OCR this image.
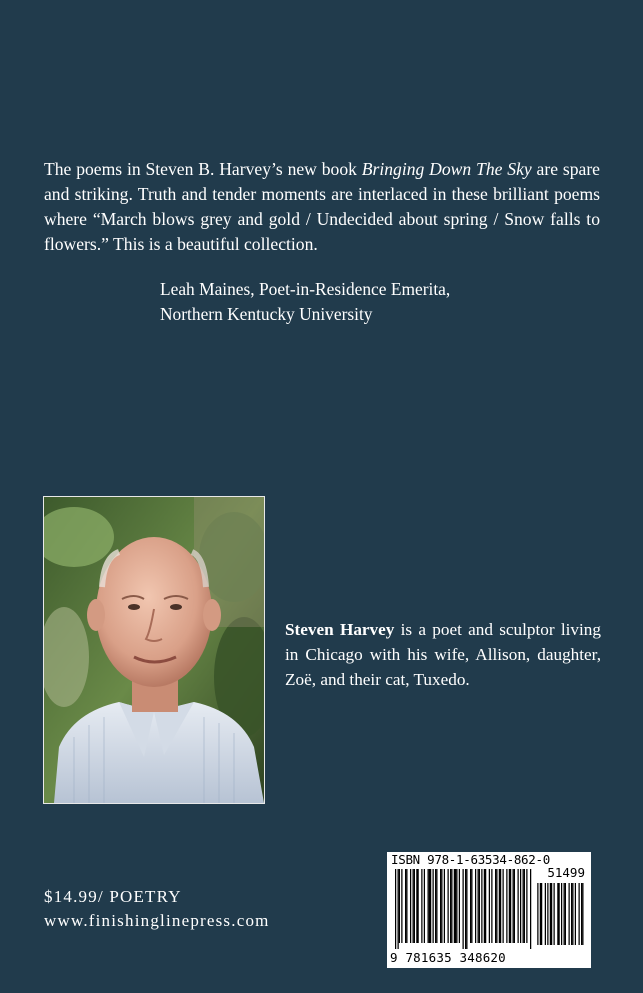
The poems in Steven B. Harvey’s new book Bringing Down The Sky are spare and striking. Truth and tender moments are interlaced in these brilliant poems where “March blows grey and gold / Undecided about spring / Snow falls to flowers.” This is a beautiful collection.

Leah Maines, Poet-in-Residence Emerita,
Northern Kentucky University

Steven Harvey is a poet and sculptor living in Chicago with his wife, Allison, daughter, Zoë, and their cat, Tuxedo.

$14.99/ POETRY
www.finishinglinepress.com
ISBN 978-1-63534-862-0
51499
9 781635 348620
